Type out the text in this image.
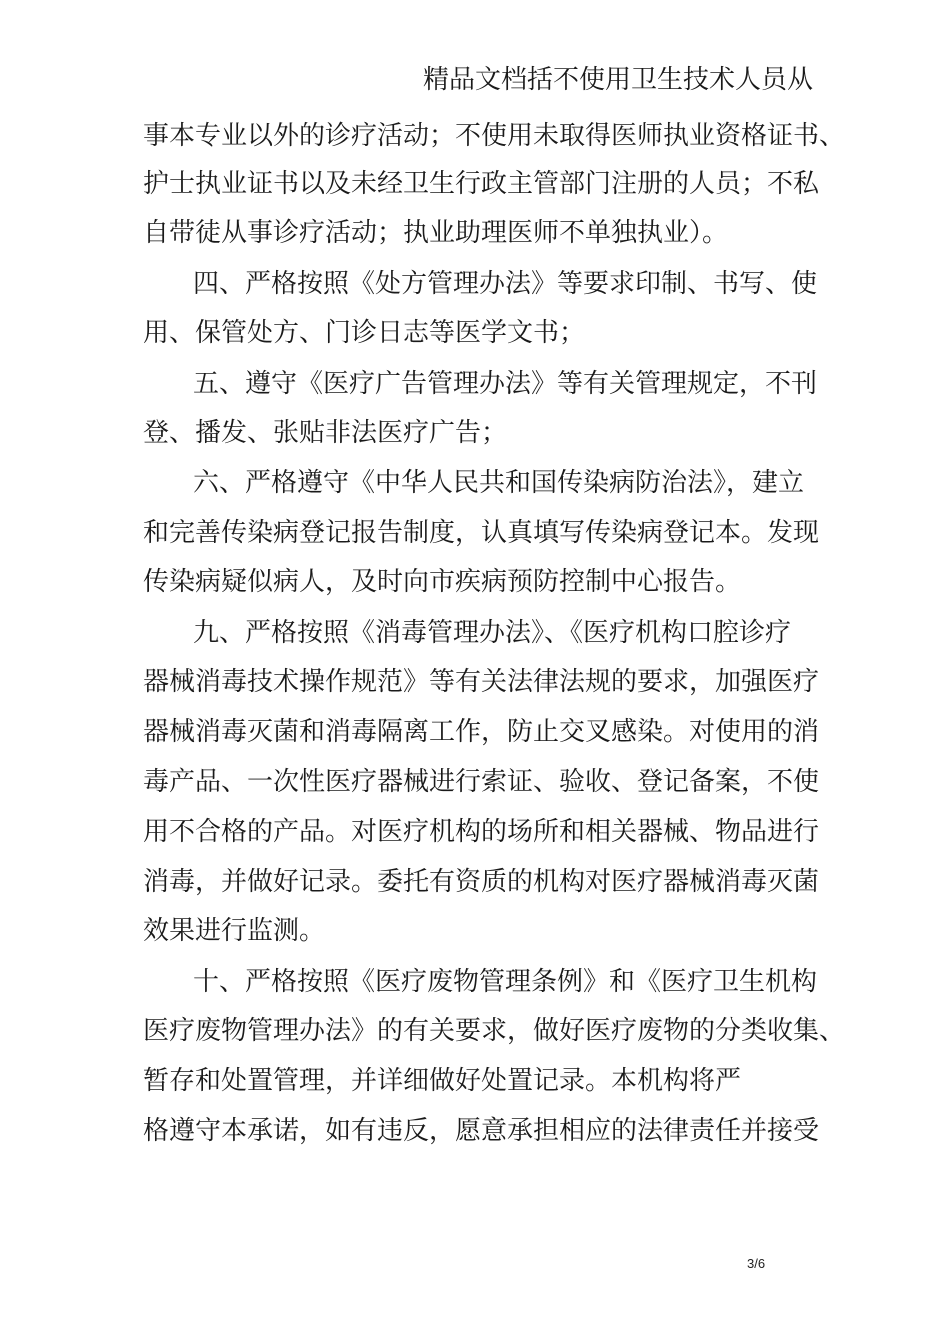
精品文档括不使用卫生技术人员从
事本专业以外的诊疗活动；不使用未取得医师执业资格证书、
护士执业证书以及未经卫生行政主管部门注册的人员；不私
自带徒从事诊疗活动；执业助理医师不单独执业）。
四、严格按照《处方管理办法》等要求印制、书写、使
用、保管处方、门诊日志等医学文书；
五、遵守《医疗广告管理办法》等有关管理规定，不刊
登、播发、张贴非法医疗广告；
六、严格遵守《中华人民共和国传染病防治法》，建立
和完善传染病登记报告制度，认真填写传染病登记本。发现
传染病疑似病人，及时向市疾病预防控制中心报告。
九、严格按照《消毒管理办法》、《医疗机构口腔诊疗
器械消毒技术操作规范》等有关法律法规的要求，加强医疗
器械消毒灭菌和消毒隔离工作，防止交叉感染。对使用的消
毒产品、一次性医疗器械进行索证、验收、登记备案，不使
用不合格的产品。对医疗机构的场所和相关器械、物品进行
消毒，并做好记录。委托有资质的机构对医疗器械消毒灭菌
效果进行监测。
十、严格按照《医疗废物管理条例》和《医疗卫生机构
医疗废物管理办法》的有关要求，做好医疗废物的分类收集、
暂存和处置管理，并详细做好处置记录。本机构将严
格遵守本承诺，如有违反，愿意承担相应的法律责任并接受
3/6
